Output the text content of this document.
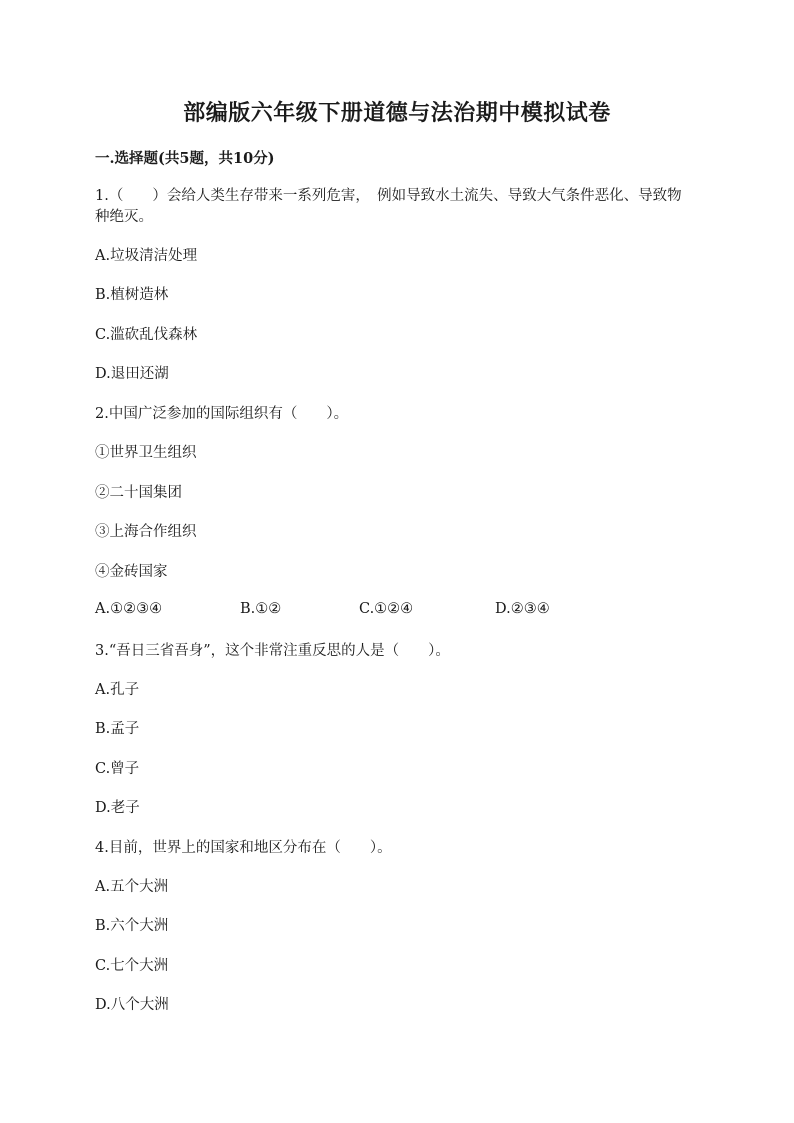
部编版六年级下册道德与法治期中模拟试卷
一.选择题(共5题，共10分)
1.（　　）会给人类生存带来一系列危害，　例如导致水土流失、导致大气条件恶化、导致物种绝灭。
A.垃圾清洁处理
B.植树造林
C.滥砍乱伐森林
D.退田还湖
2.中国广泛参加的国际组织有（　　）。
①世界卫生组织
②二十国集团
③上海合作组织
④金砖国家
A.①②③④	B.①②	C.①②④	D.②③④
3.“吾日三省吾身”，这个非常注重反思的人是（　　）。
A.孔子
B.孟子
C.曾子
D.老子
4.目前，世界上的国家和地区分布在（　　）。
A.五个大洲
B.六个大洲
C.七个大洲
D.八个大洲
